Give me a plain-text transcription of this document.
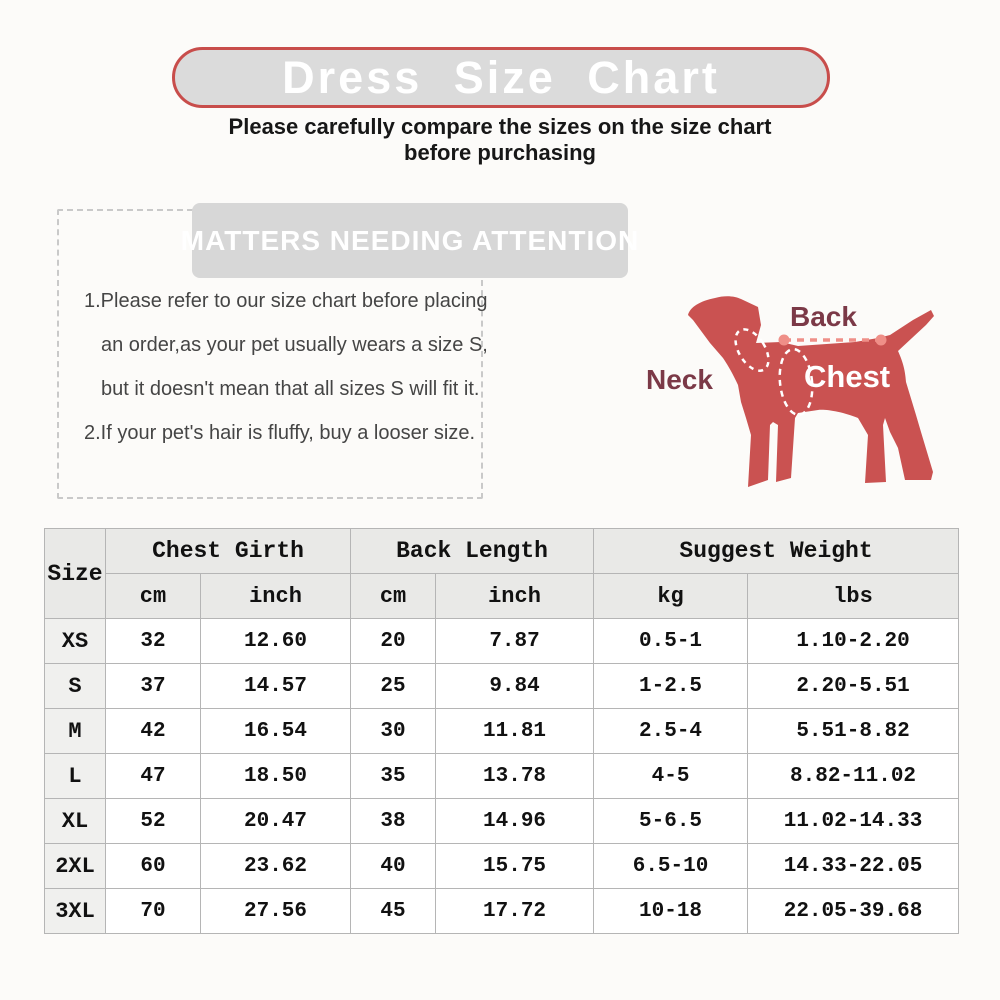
Dress Size Chart
Please carefully compare the sizes on the size chart
before purchasing
MATTERS NEEDING ATTENTION

1.Please refer to our size chart before placing

an order,as your pet usually wears a size S,

but it doesn't mean that all sizes S will fit it.

2.If your pet's hair is fluffy, buy a looser size.

Neck
Back
Chest
Size	Chest Girth		Back Length		Suggest Weight	
	cm	inch	cm	inch	kg	lbs
XS	32	12.60	20	7.87	0.5-1	1.10-2.20
S	37	14.57	25	9.84	1-2.5	2.20-5.51
M	42	16.54	30	11.81	2.5-4	5.51-8.82
L	47	18.50	35	13.78	4-5	8.82-11.02
XL	52	20.47	38	14.96	5-6.5	11.02-14.33
2XL	60	23.62	40	15.75	6.5-10	14.33-22.05
3XL	70	27.56	45	17.72	10-18	22.05-39.68
